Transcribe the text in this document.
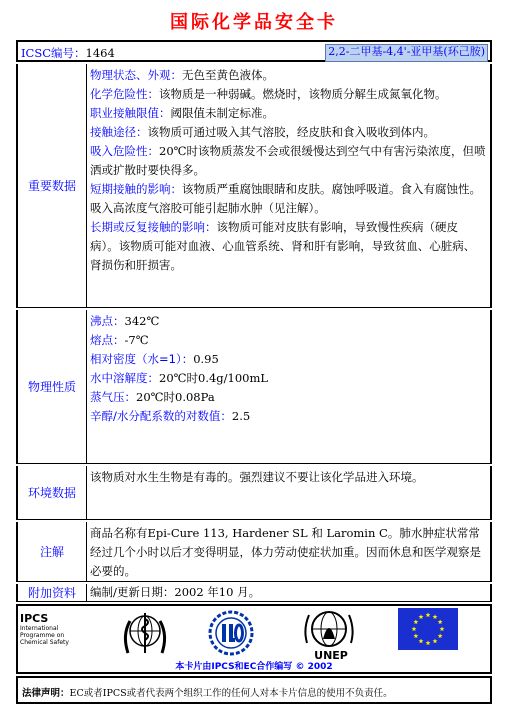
国际化学品安全卡
ICSC编号：1464	2,2-二甲基-4,4'-亚甲基(环己胺)
重要数据

物理状态、外观：无色至黄色液体。

化学危险性：该物质是一种弱碱。燃烧时，该物质分解生成氮氧化物。

职业接触限值：阈限值未制定标准。

接触途径：该物质可通过吸入其气溶胶，经皮肤和食入吸收到体内。

吸入危险性：20℃时该物质蒸发不会或很缓慢达到空气中有害污染浓度，但喷洒或扩散时要快得多。

短期接触的影响：该物质严重腐蚀眼睛和皮肤。腐蚀呼吸道。食入有腐蚀性。吸入高浓度气溶胶可能引起肺水肿（见注解）。

长期或反复接触的影响：该物质可能对皮肤有影响，导致慢性疾病（硬皮病）。该物质可能对血液、心血管系统、肾和肝有影响，导致贫血、心脏病、肾损伤和肝损害。

物理性质

沸点：342℃

熔点：-7℃

相对密度（水=1）：0.95

水中溶解度：20℃时0.4g/100mL

蒸气压：20℃时0.08Pa

辛醇/水分配系数的对数值：2.5

环境数据

该物质对水生生物是有毒的。强烈建议不要让该化学品进入环境。

注解

商品名称有Epi-Cure 113, Hardener SL 和 Laromin C。肺水肿症状常常经过几个小时以后才变得明显，体力劳动使症状加重。因而休息和医学观察是必要的。

附加资料	编制/更新日期：2002 年10 月。

IPCS
International
Programme on
Chemical Safety
UNEP
本卡片由IPCS和EC合作编写 © 2002
法律声明：EC或者IPCS或者代表两个组织工作的任何人对本卡片信息的使用不负责任。
